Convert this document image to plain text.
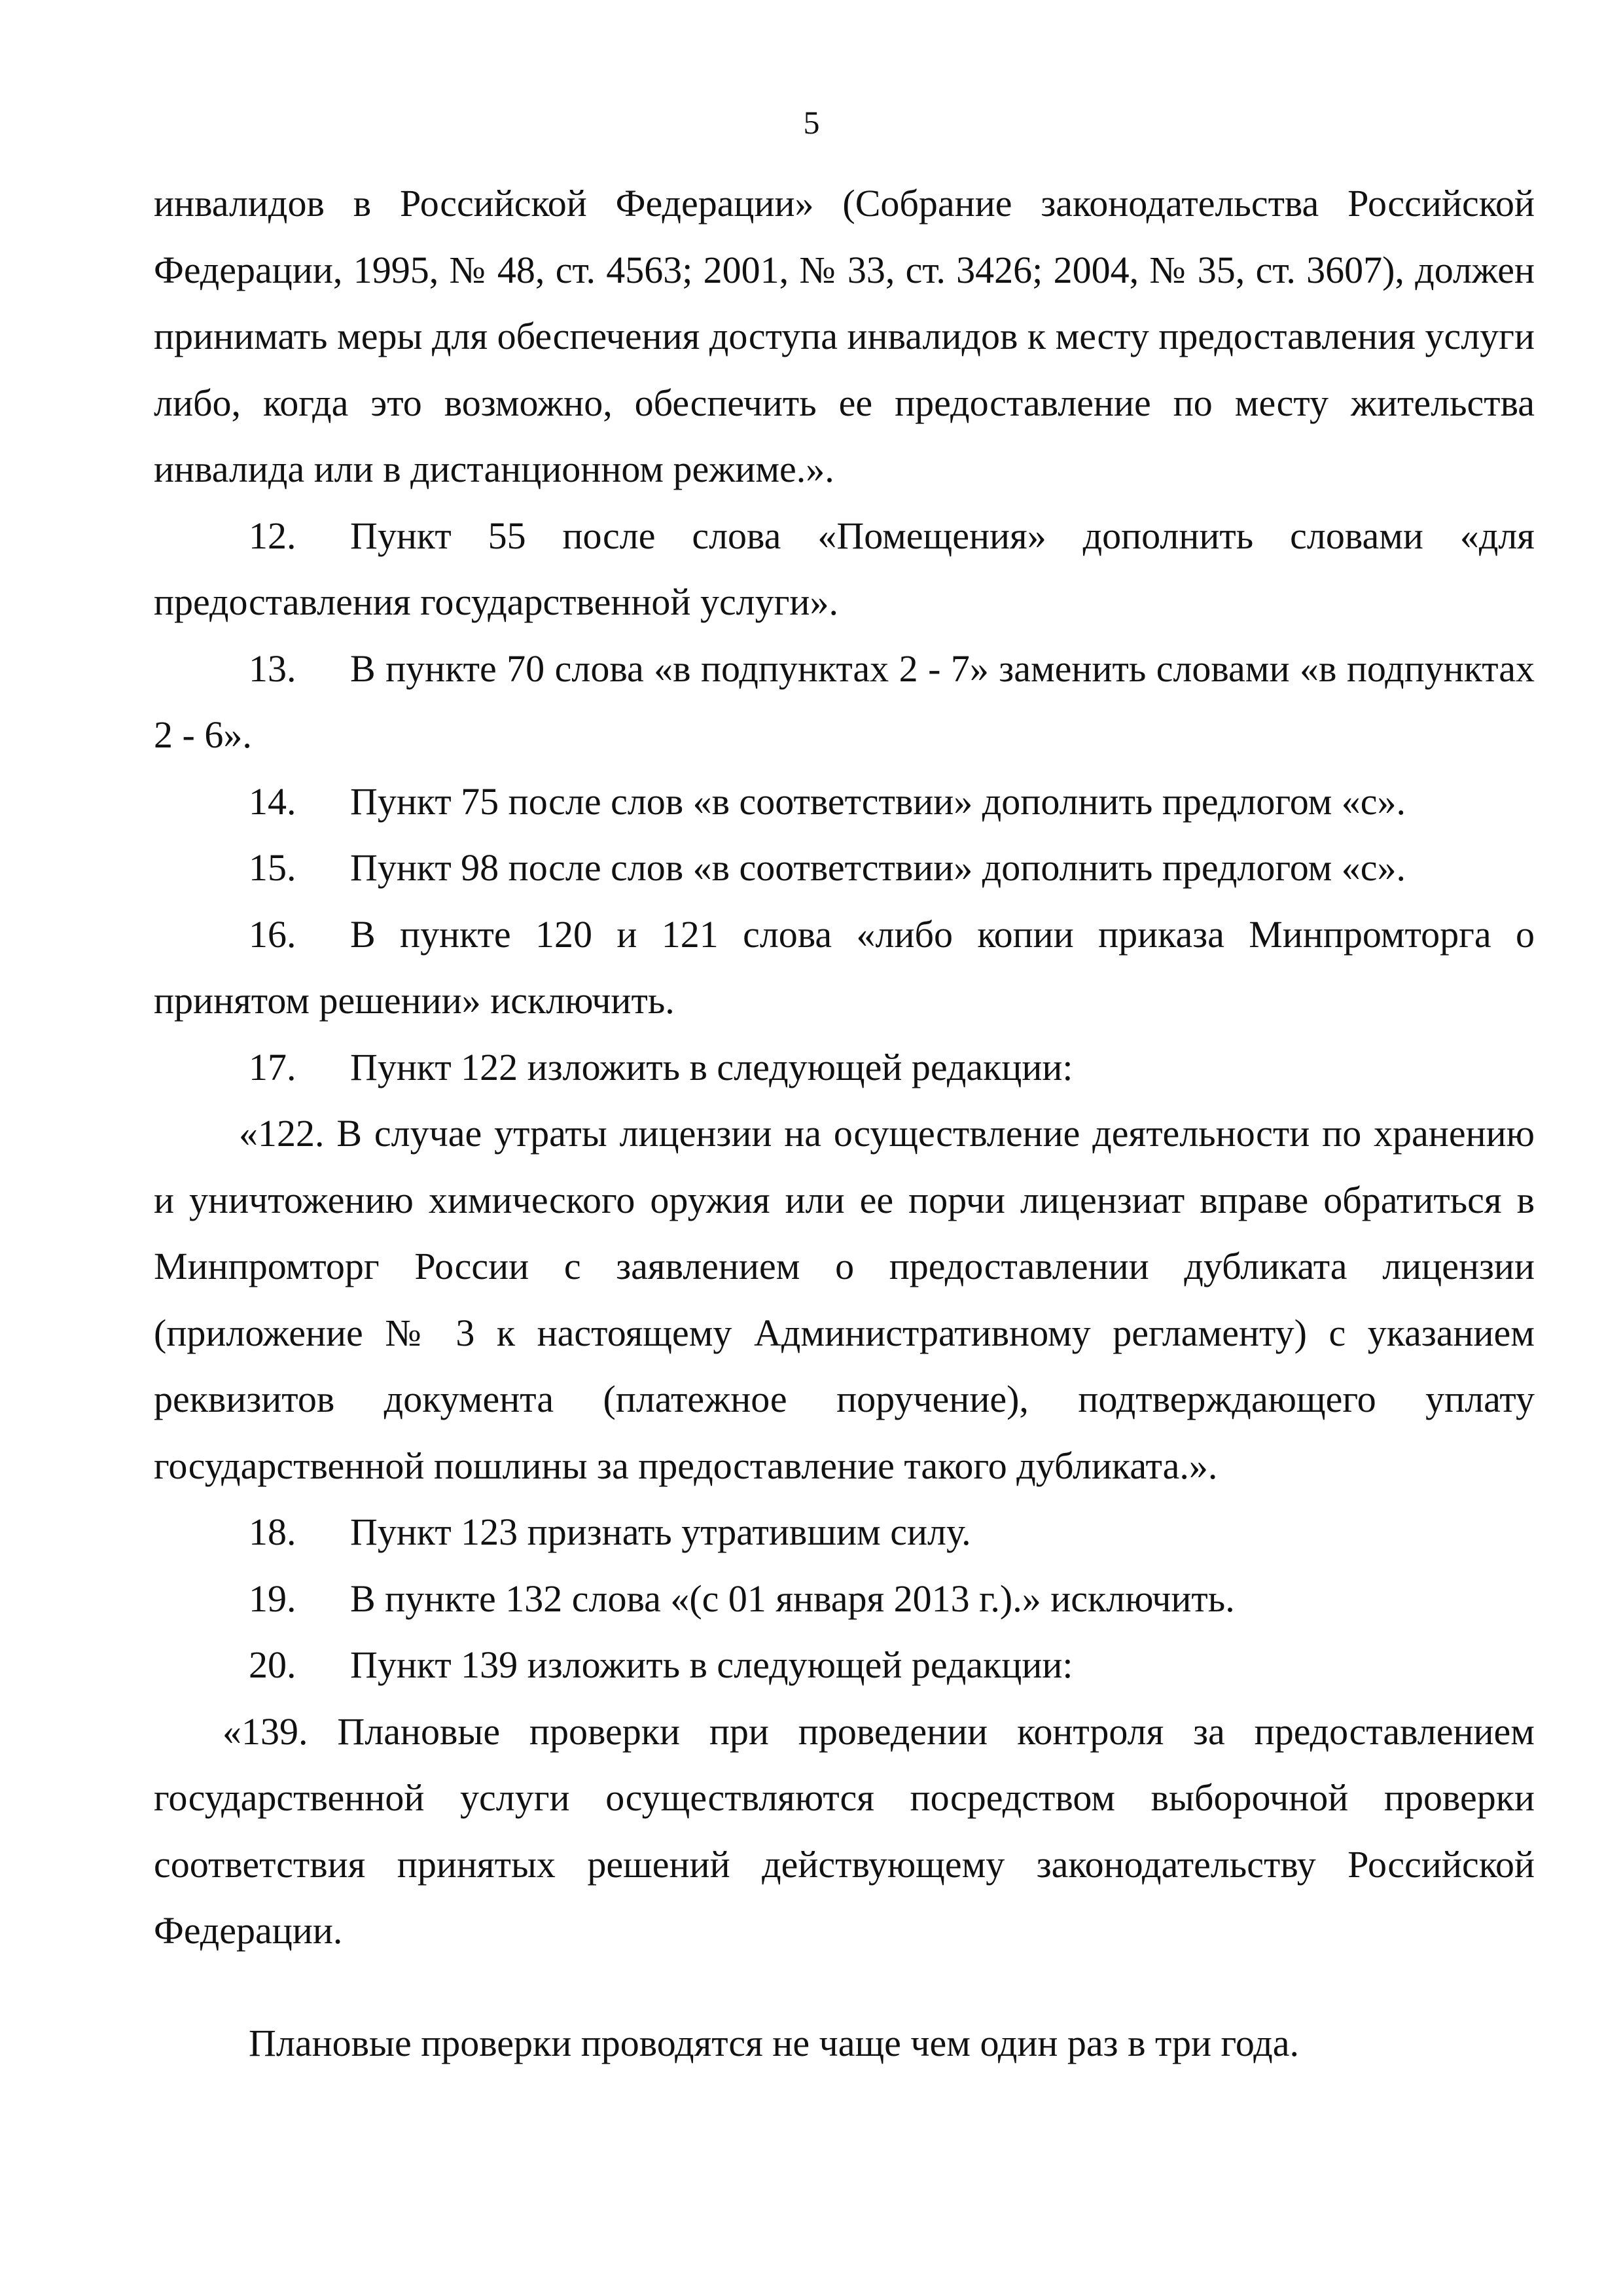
5
инвалидов в Российской Федерации» (Собрание законодательства Российской
Федерации, 1995, № 48, ст. 4563; 2001, № 33, ст. 3426; 2004, № 35, ст. 3607), должен
принимать меры для обеспечения доступа инвалидов к месту предоставления услуги
либо, когда это возможно, обеспечить ее предоставление по месту жительства
инвалида или в дистанционном режиме.».
12. Пункт 55 после слова «Помещения» дополнить словами «для
предоставления государственной услуги».
13. В пункте 70 слова «в подпунктах 2 - 7» заменить словами «в подпунктах
2 - 6».
14. Пункт 75 после слов «в соответствии» дополнить предлогом «с».
15. Пункт 98 после слов «в соответствии» дополнить предлогом «с».
16. В пункте 120 и 121 слова «либо копии приказа Минпромторга о
принятом решении» исключить.
17. Пункт 122 изложить в следующей редакции:
«122. В случае утраты лицензии на осуществление деятельности по хранению
и уничтожению химического оружия или ее порчи лицензиат вправе обратиться в
Минпромторг России с заявлением о предоставлении дубликата лицензии
(приложение № 3 к настоящему Административному регламенту) с указанием
реквизитов документа (платежное поручение), подтверждающего уплату
государственной пошлины за предоставление такого дубликата.».
18. Пункт 123 признать утратившим силу.
19. В пункте 132 слова «(с 01 января 2013 г.).» исключить.
20. Пункт 139 изложить в следующей редакции:
«139. Плановые проверки при проведении контроля за предоставлением
государственной услуги осуществляются посредством выборочной проверки
соответствия принятых решений действующему законодательству Российской
Федерации.
Плановые проверки проводятся не чаще чем один раз в три года.
